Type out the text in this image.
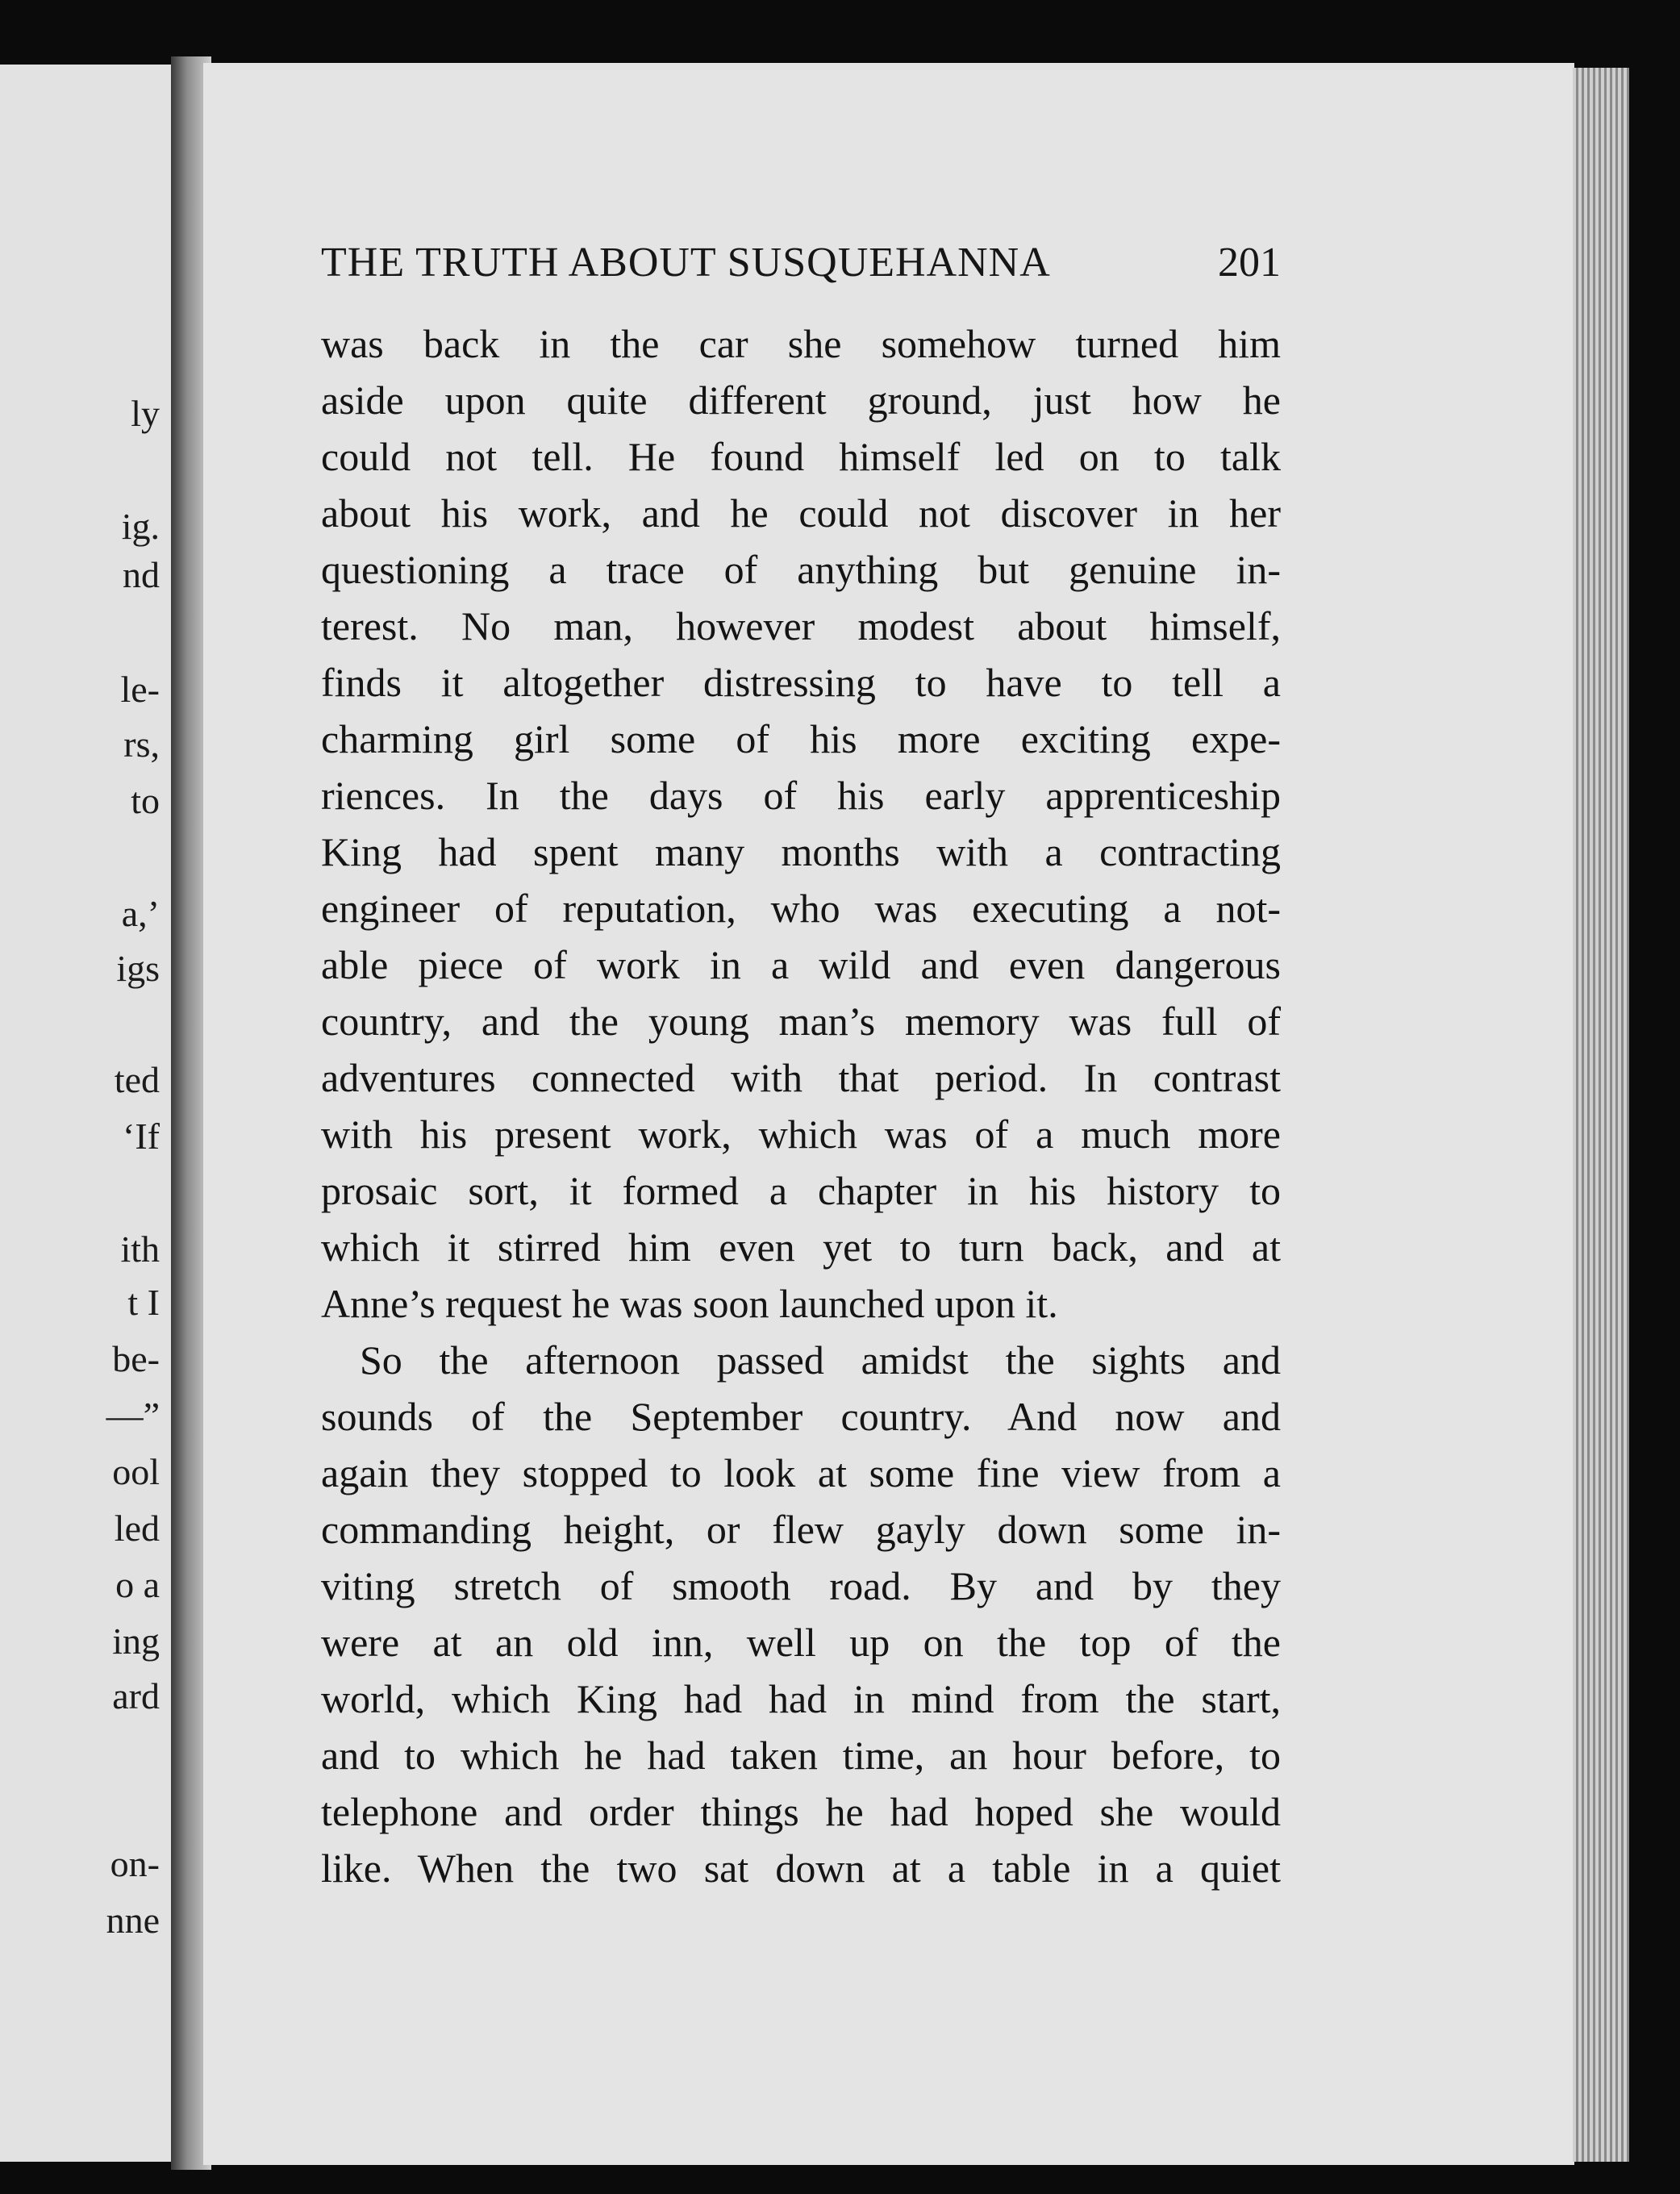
ly
ig.
nd
le-
rs,
to
a,’
igs
ted
‘If
ith
t I
be-
—”
ool
led
o a
ing
ard
on-
nne
THE TRUTH ABOUT SUSQUEHANNA	201
was back in the car she somehow turned him
aside upon quite different ground, just how he
could not tell. He found himself led on to talk
about his work, and he could not discover in her
questioning a trace of anything but genuine in-
terest. No man, however modest about himself,
finds it altogether distressing to have to tell a
charming girl some of his more exciting expe-
riences. In the days of his early apprenticeship
King had spent many months with a contracting
engineer of reputation, who was executing a not-
able piece of work in a wild and even dangerous
country, and the young man’s memory was full of
adventures connected with that period. In contrast
with his present work, which was of a much more
prosaic sort, it formed a chapter in his history to
which it stirred him even yet to turn back, and at
Anne’s request he was soon launched upon it.
So the afternoon passed amidst the sights and
sounds of the September country. And now and
again they stopped to look at some fine view from a
commanding height, or flew gayly down some in-
viting stretch of smooth road. By and by they
were at an old inn, well up on the top of the
world, which King had had in mind from the start,
and to which he had taken time, an hour before, to
telephone and order things he had hoped she would
like. When the two sat down at a table in a quiet
